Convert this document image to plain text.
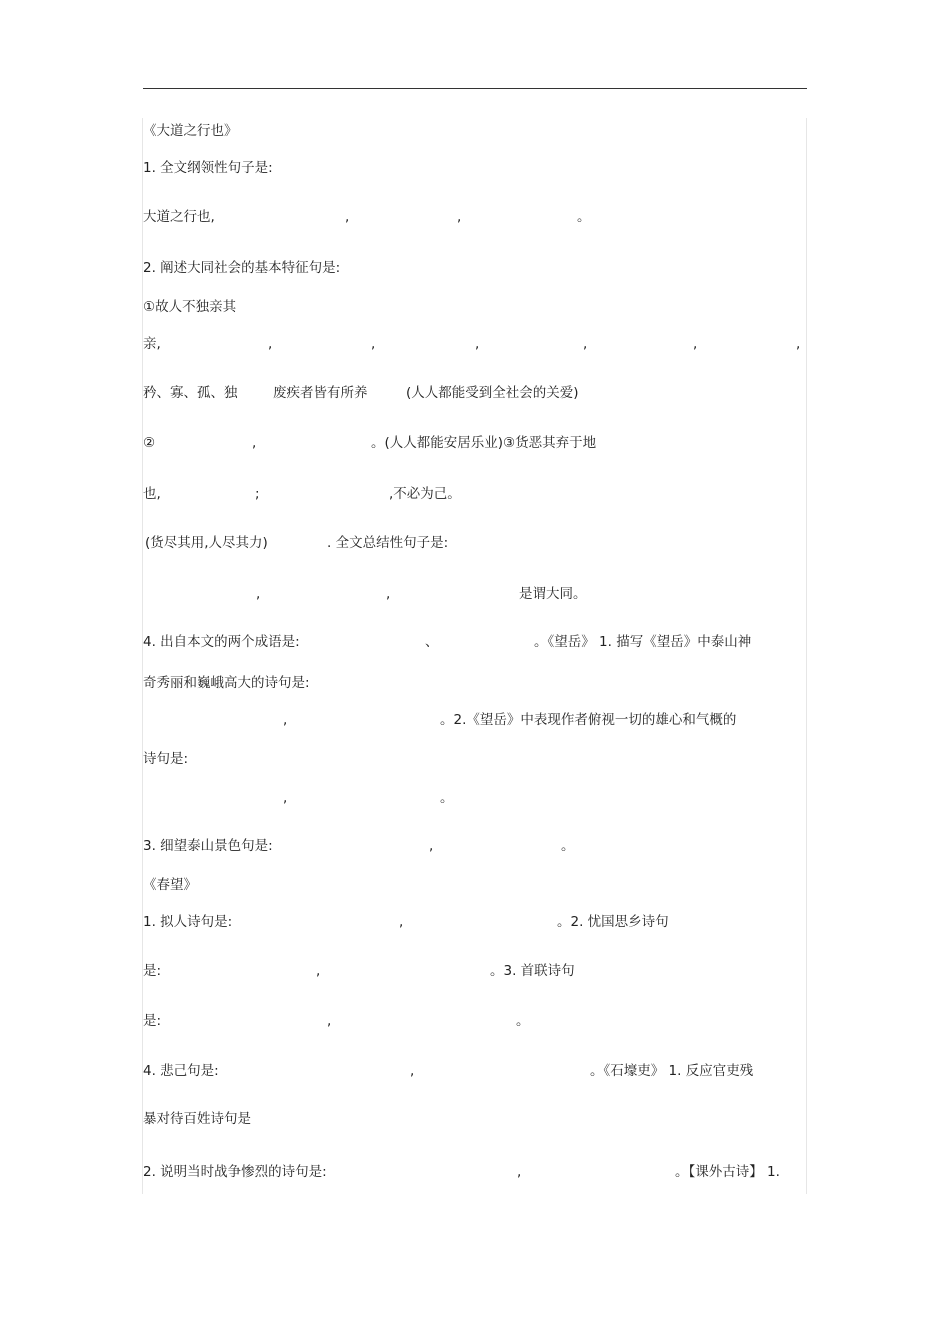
《大道之行也》
1. 全文纲领性句子是:
大道之行也,	,	,	。
2. 阐述大同社会的基本特征句是:
①故人不独亲其
亲,	,	,	,	,	,	,
矜、寡、孤、独	废疾者皆有所养	(人人都能受到全社会的关爱)
②	,	。(人人都能安居乐业)③货恶其弃于地
也,	;	,不必为己。
(货尽其用,人尽其力)	. 全文总结性句子是:
,	,	是谓大同。
4. 出自本文的两个成语是:	、	。《望岳》 1. 描写《望岳》中泰山神
奇秀丽和巍峨高大的诗句是:
,	。2.《望岳》中表现作者俯视一切的雄心和气概的
诗句是:
,	。
3. 细望泰山景色句是:	,	。
《春望》
1. 拟人诗句是:	,	。2. 忧国思乡诗句
是:	,	。3. 首联诗句
是:	,	。
4. 悲己句是:	,	。《石壕吏》 1. 反应官吏残
暴对待百姓诗句是
2. 说明当时战争惨烈的诗句是:	,	。【课外古诗】 1.
